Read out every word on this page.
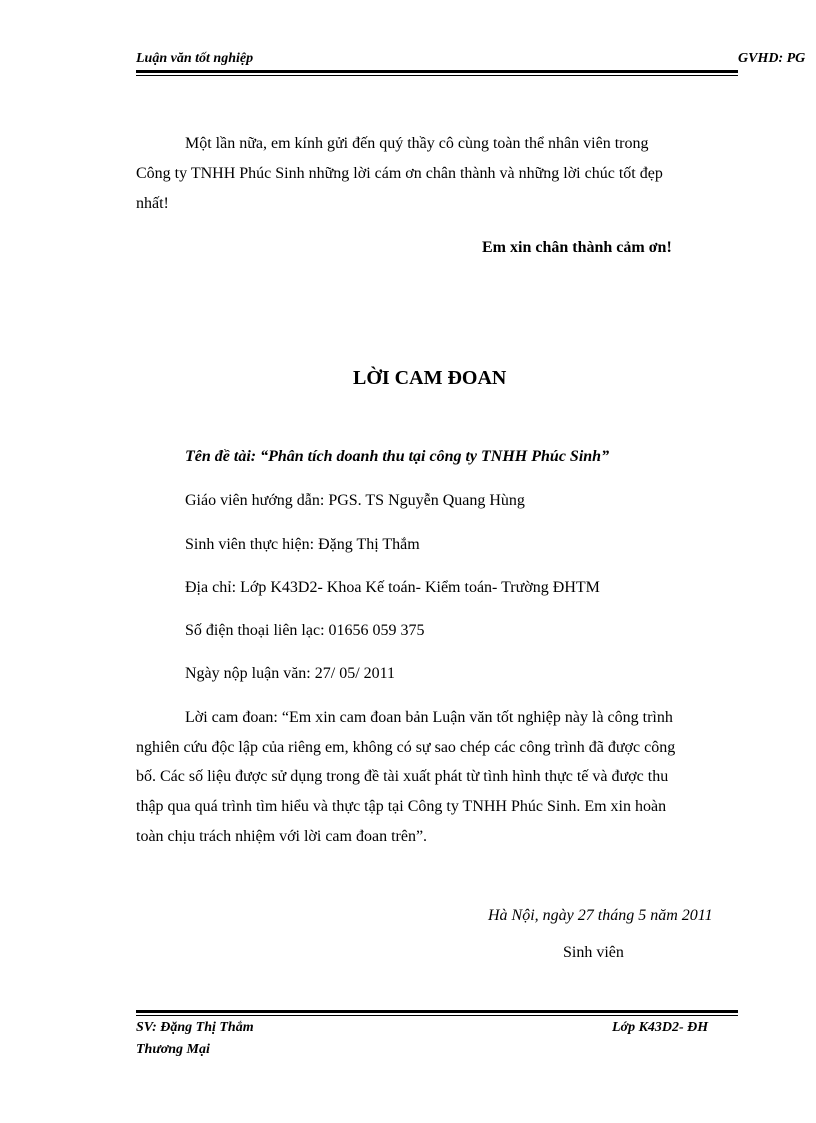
Luận văn tốt nghiệp	GVHD: PG
Một lần nữa, em kính gửi đến quý thầy cô cùng toàn thể nhân viên trong
Công ty TNHH Phúc Sinh những lời cám ơn chân thành và những lời chúc tốt đẹp
nhất!
Em xin chân thành cảm ơn!
LỜI CAM ĐOAN
Tên đề tài: “Phân tích doanh thu tại công ty TNHH Phúc Sinh”
Giáo viên hướng dẫn: PGS. TS Nguyễn Quang Hùng
Sinh viên thực hiện: Đặng Thị Thắm
Địa chỉ: Lớp K43D2- Khoa Kế toán- Kiểm toán- Trường ĐHTM
Số điện thoại liên lạc: 01656 059 375
Ngày nộp luận văn: 27/ 05/ 2011
Lời cam đoan: “Em xin cam đoan bản Luận văn tốt nghiệp này là công trình
nghiên cứu độc lập của riêng em, không có sự sao chép các công trình đã được công
bố. Các số liệu được sử dụng trong đề tài xuất phát từ tình hình thực tế và được thu
thập qua quá trình tìm hiểu và thực tập tại Công ty TNHH Phúc Sinh. Em xin hoàn
toàn chịu trách nhiệm với lời cam đoan trên”.
Hà Nội, ngày 27 tháng 5 năm 2011
Sinh viên
SV: Đặng Thị Thắm
Thương Mại
Lớp K43D2- ĐH
